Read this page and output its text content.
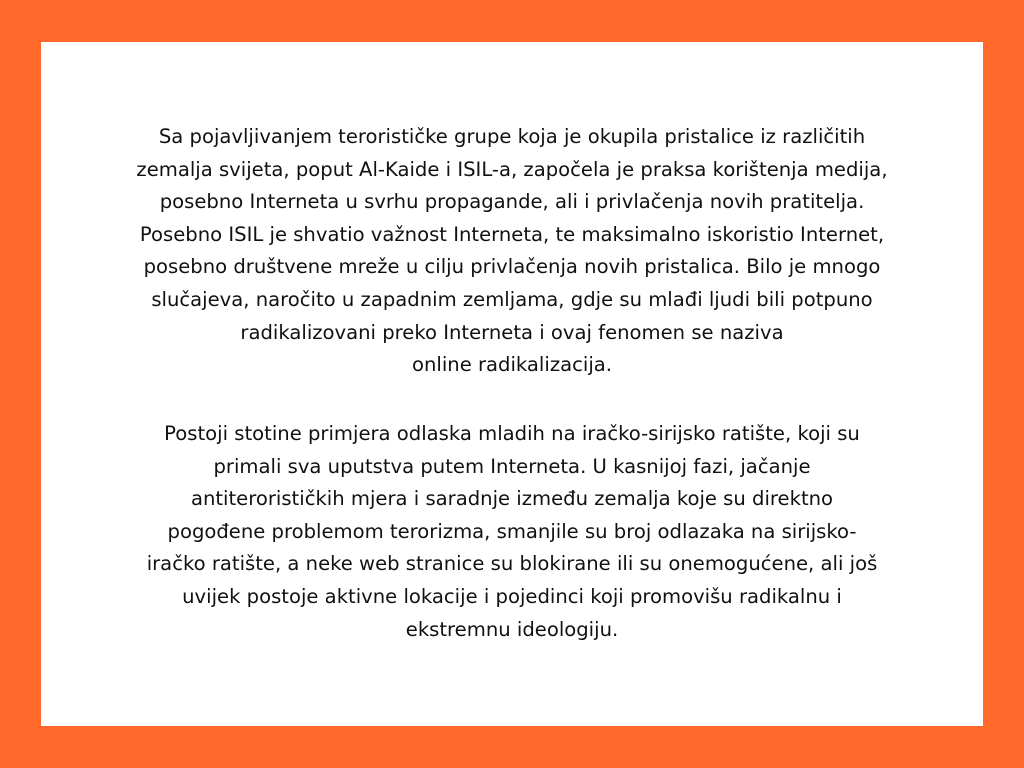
Sa pojavljivanjem terorističke grupe koja je okupila pristalice iz različitih
zemalja svijeta, poput Al-Kaide i ISIL-a, započela je praksa korištenja medija,
posebno Interneta u svrhu propagande, ali i privlačenja novih pratitelja.
Posebno ISIL je shvatio važnost Interneta, te maksimalno iskoristio Internet,
posebno društvene mreže u cilju privlačenja novih pristalica. Bilo je mnogo
slučajeva, naročito u zapadnim zemljama, gdje su mlađi ljudi bili potpuno
radikalizovani preko Interneta i ovaj fenomen se naziva
online radikalizacija.
Postoji stotine primjera odlaska mladih na iračko-sirijsko ratište, koji su
primali sva uputstva putem Interneta. U kasnijoj fazi, jačanje
antiterorističkih mjera i saradnje između zemalja koje su direktno
pogođene problemom terorizma, smanjile su broj odlazaka na sirijsko-
iračko ratište, a neke web stranice su blokirane ili su onemogućene, ali još
uvijek postoje aktivne lokacije i pojedinci koji promovišu radikalnu i
ekstremnu ideologiju.
